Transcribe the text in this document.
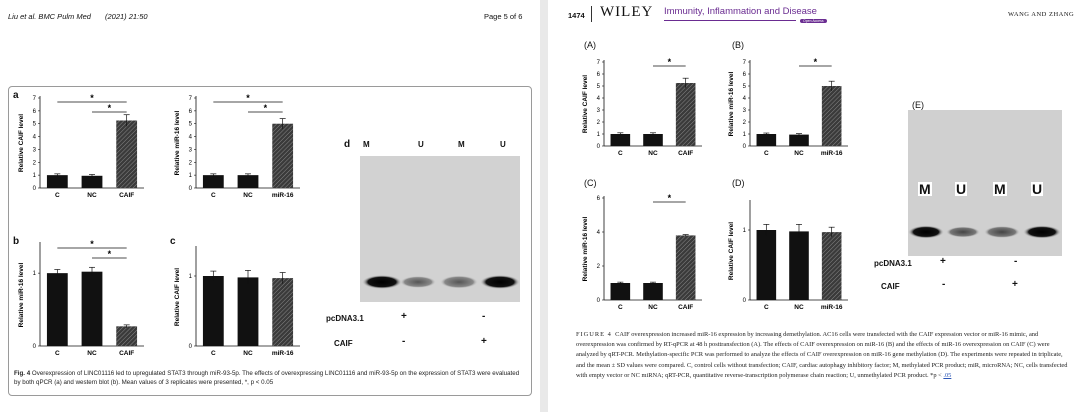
Liu et al. BMC Pulm Med (2021) 21:50	Page 5 of 6
a
b	c
d
Relative CAIF level
0
1
2
3
4
5
6
7
C	NC	CAIF
*
*
Relative miR-16 level
0
1
2
3
4
5
6
7
C	NC	miR-16
*
*
Relative miR-16 level
0
1
C	NC	CAIF
*
*
Relative CAIF level
0
1
C	NC	miR-16
M	U	M	U
pcDNA3.1	+	-
CAIF	-	+
Fig. 4 Overexpression of LINC01116 led to upregulated STAT3 through miR-93-5p. The effects of overexpressing LINC01116 and miR-93-5p on the expression of STAT3 were evaluated by both qPCR (a) and western blot (b). Mean values of 3 replicates were presented, *, p < 0.05
1474 WILEY Immunity, Inflammation and Disease
Open Access
WANG AND ZHANG
(A)	(B)
(C)	(D)
(E)
Relative CAIF level
0
1
2
3
4
5
6
7
C	NC	CAIF
*
Relative miR-16 level
0
1
2
3
4
5
6
7
C	NC	miR-16
*
Relative miR-16 level
0
2
4
6
C	NC	CAIF
*
Relative CAIF level
0
1
C	NC	miR-16
M U M U
pcDNA3.1	+	-
CAIF	-	+
FIGURE 4 CAIF overexpression increased miR-16 expression by increasing demethylation. AC16 cells were transfected with the CAIF expression vector or miR-16 mimic, and overexpression was confirmed by RT-qPCR at 48 h posttransfection (A). The effects of CAIF overexpression on miR-16 (B) and the effects of miR-16 overexpression on CAIF (C) were analyzed by qRT-PCR. Methylation-specific PCR was performed to analyze the effects of CAIF overexpression on miR-16 gene methylation (D). The experiments were repeated in triplicate, and the mean ± SD values were compared. C, control cells without transfection; CAIF, cardiac autophagy inhibitory factor; M, methylated PCR product; miR, microRNA; NC, cells transfected with empty vector or NC miRNA; qRT-PCR, quantitative reverse-transcription polymerase chain reaction; U, unmethylated PCR product. *p < .05
